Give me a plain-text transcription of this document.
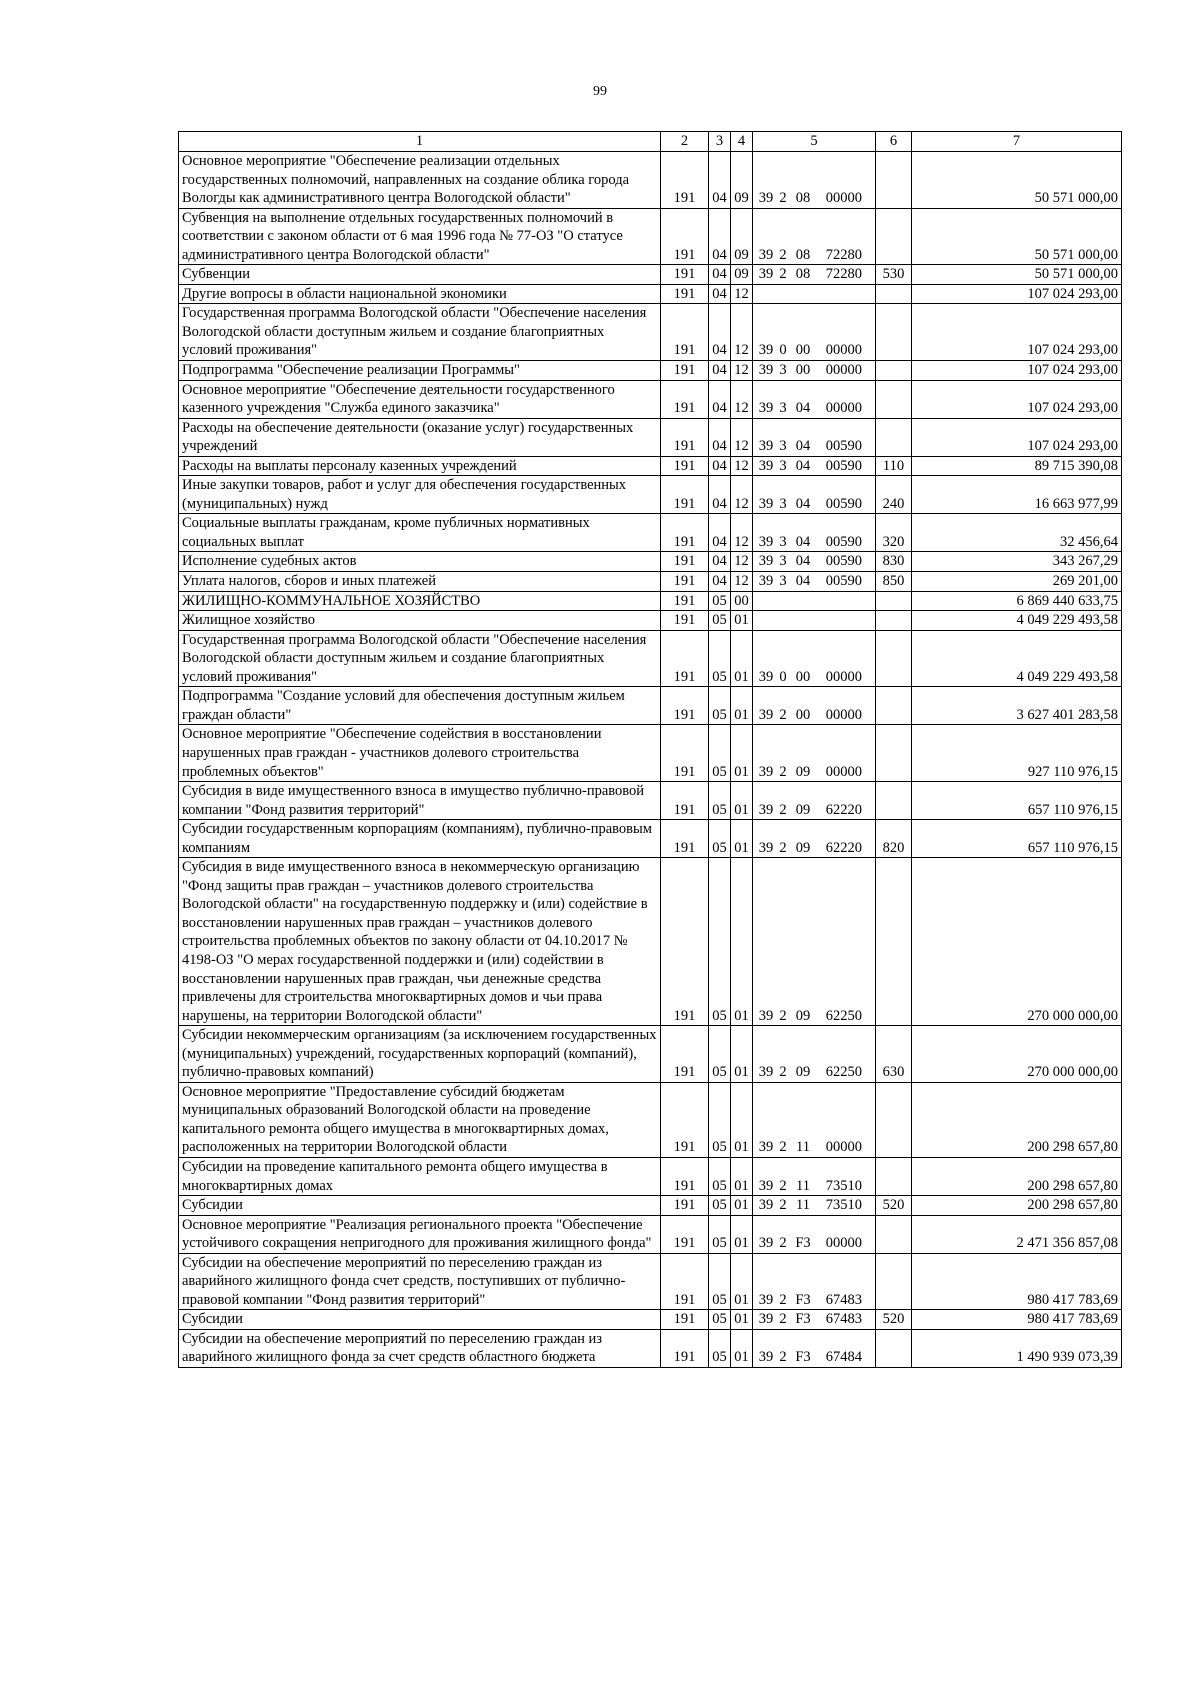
99
1	2	3	4	5	6	7
Основное мероприятие "Обеспечение реализации отдельных государственных полномочий, направленных на создание облика города Вологды как административного центра Вологодской области"	191	04	09	39 2 08 00000		50 571 000,00
Субвенция на выполнение отдельных государственных полномочий в соответствии с законом области от 6 мая 1996 года № 77-ОЗ "О статусе административного центра Вологодской области"	191	04	09	39 2 08 72280		50 571 000,00
Субвенции	191	04	09	39 2 08 72280	530	50 571 000,00
Другие вопросы в области национальной экономики	191	04	12			107 024 293,00
Государственная программа Вологодской области "Обеспечение населения Вологодской области доступным жильем и создание благоприятных условий проживания"	191	04	12	39 0 00 00000		107 024 293,00
Подпрограмма "Обеспечение реализации Программы"	191	04	12	39 3 00 00000		107 024 293,00
Основное мероприятие "Обеспечение деятельности государственного казенного учреждения "Служба единого заказчика"	191	04	12	39 3 04 00000		107 024 293,00
Расходы на обеспечение деятельности (оказание услуг) государственных учреждений	191	04	12	39 3 04 00590		107 024 293,00
Расходы на выплаты персоналу казенных учреждений	191	04	12	39 3 04 00590	110	89 715 390,08
Иные закупки товаров, работ и услуг для обеспечения государственных (муниципальных) нужд	191	04	12	39 3 04 00590	240	16 663 977,99
Социальные выплаты гражданам, кроме публичных нормативных социальных выплат	191	04	12	39 3 04 00590	320	32 456,64
Исполнение судебных актов	191	04	12	39 3 04 00590	830	343 267,29
Уплата налогов, сборов и иных платежей	191	04	12	39 3 04 00590	850	269 201,00
ЖИЛИЩНО-КОММУНАЛЬНОЕ ХОЗЯЙСТВО	191	05	00			6 869 440 633,75
Жилищное хозяйство	191	05	01			4 049 229 493,58
Государственная программа Вологодской области "Обеспечение населения Вологодской области доступным жильем и создание благоприятных условий проживания"	191	05	01	39 0 00 00000		4 049 229 493,58
Подпрограмма "Создание условий для обеспечения доступным жильем граждан области"	191	05	01	39 2 00 00000		3 627 401 283,58
Основное мероприятие "Обеспечение содействия в восстановлении нарушенных прав граждан - участников долевого строительства проблемных объектов"	191	05	01	39 2 09 00000		927 110 976,15
Субсидия в виде имущественного взноса в имущество публично-правовой компании "Фонд развития территорий"	191	05	01	39 2 09 62220		657 110 976,15
Субсидии государственным корпорациям (компаниям), публично-правовым компаниям	191	05	01	39 2 09 62220	820	657 110 976,15
Субсидия в виде имущественного взноса в некоммерческую организацию "Фонд защиты прав граждан – участников долевого строительства Вологодской области" на государственную поддержку и (или) содействие в восстановлении нарушенных прав граждан – участников долевого строительства проблемных объектов по закону области от 04.10.2017 № 4198-ОЗ "О мерах государственной поддержки и (или) содействии в восстановлении нарушенных прав граждан, чьи денежные средства привлечены для строительства многоквартирных домов и чьи права нарушены, на территории Вологодской области"	191	05	01	39 2 09 62250		270 000 000,00
Субсидии некоммерческим организациям (за исключением государственных (муниципальных) учреждений, государственных корпораций (компаний), публично-правовых компаний)	191	05	01	39 2 09 62250	630	270 000 000,00
Основное мероприятие "Предоставление субсидий бюджетам муниципальных образований Вологодской области на проведение капитального ремонта общего имущества в многоквартирных домах, расположенных на территории Вологодской области	191	05	01	39 2 11 00000		200 298 657,80
Субсидии на проведение капитального ремонта общего имущества в многоквартирных домах	191	05	01	39 2 11 73510		200 298 657,80
Субсидии	191	05	01	39 2 11 73510	520	200 298 657,80
Основное мероприятие "Реализация регионального проекта "Обеспечение устойчивого сокращения непригодного для проживания жилищного фонда"	191	05	01	39 2 F3 00000		2 471 356 857,08
Субсидии на обеспечение мероприятий по переселению граждан из аварийного жилищного фонда счет средств, поступивших от публично-правовой компании "Фонд развития территорий"	191	05	01	39 2 F3 67483		980 417 783,69
Субсидии	191	05	01	39 2 F3 67483	520	980 417 783,69
Субсидии на обеспечение мероприятий по переселению граждан из аварийного жилищного фонда за счет средств областного бюджета	191	05	01	39 2 F3 67484		1 490 939 073,39
